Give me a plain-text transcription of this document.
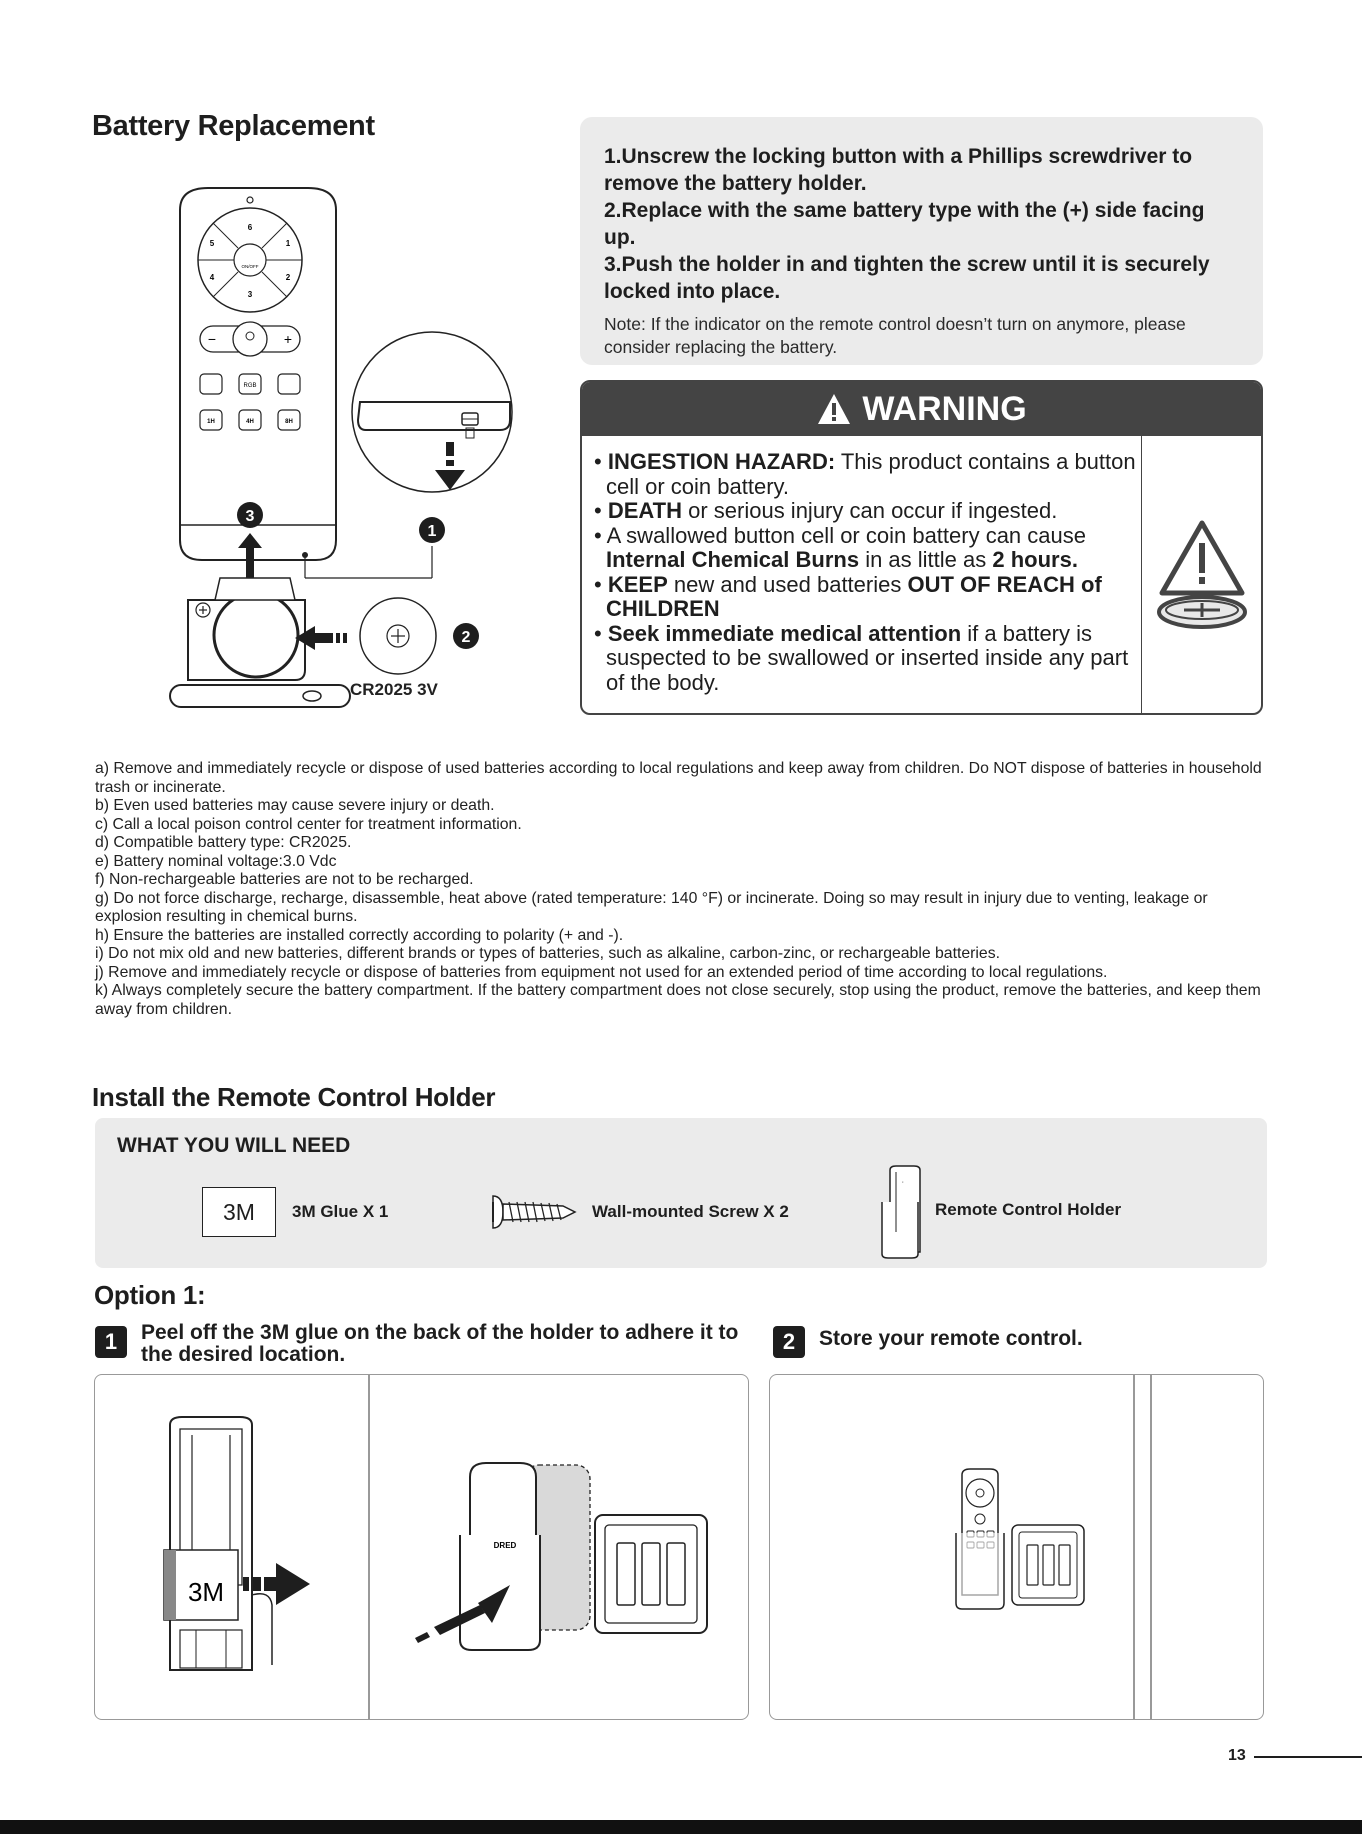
Battery Replacement
6
5	1
4	2
3
ON/OFF
−	+
RGB
1H	4H	8H
3
2
CR2025 3V
1

1.Unscrew the locking button with a Phillips screwdriver to remove the battery holder.

2.Replace with the same battery type with the (+) side facing up.

3.Push the holder in and tighten the screw until it is securely locked into place.

Note: If the indicator on the remote control doesn’t turn on anymore, please consider replacing the battery.

WARNING

• INGESTION HAZARD: This product contains a button cell or coin battery.

• DEATH or serious injury can occur if ingested.

• A swallowed button cell or coin battery can cause Internal Chemical Burns in as little as 2 hours.

• KEEP new and used batteries OUT OF REACH of CHILDREN

• Seek immediate medical attention if a battery is suspected to be swallowed or inserted inside any part of the body.

a) Remove and immediately recycle or dispose of used batteries according to local regulations and keep away from children. Do NOT dispose of batteries in household trash or incinerate.

b) Even used batteries may cause severe injury or death.

c) Call a local poison control center for treatment information.

d) Compatible battery type: CR2025.

e) Battery nominal voltage:3.0 Vdc

f) Non-rechargeable batteries are not to be recharged.

g) Do not force discharge, recharge, disassemble, heat above (rated temperature: 140 °F) or incinerate. Doing so may result in injury due to venting, leakage or explosion resulting in chemical burns.

h) Ensure the batteries are installed correctly according to polarity (+ and -).

i) Do not mix old and new batteries, different brands or types of batteries, such as alkaline, carbon-zinc, or rechargeable batteries.

j) Remove and immediately recycle or dispose of batteries from equipment not used for an extended period of time according to local regulations.

k) Always completely secure the battery compartment. If the battery compartment does not close securely, stop using the product, remove the batteries, and keep them away from children.

Install the Remote Control Holder
WHAT YOU WILL NEED
3M	3M Glue X 1	Wall-mounted Screw X 2
·
Remote Control Holder
Option 1:
1	Peel off the 3M glue on the back of the holder to adhere it to the desired location.
2	Store your remote control.
3M
DRED
13
